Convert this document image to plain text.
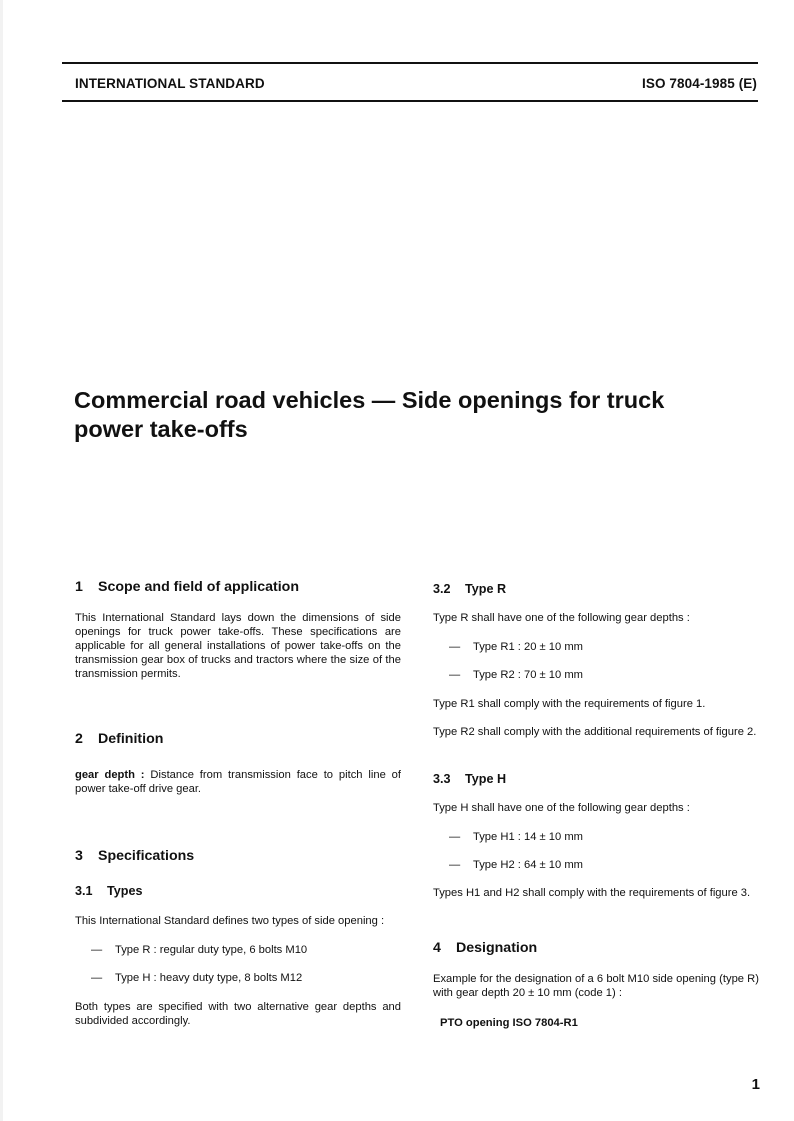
INTERNATIONAL STANDARD	ISO 7804-1985 (E)
Commercial road vehicles — Side openings for truck
power take-offs
1 Scope and field of application

This International Standard lays down the dimensions of side openings for truck power take-offs. These specifications are applicable for all general installations of power take-offs on the transmission gear box of trucks and tractors where the size of the transmission permits.

2 Definition

gear depth : Distance from transmission face to pitch line of power take-off drive gear.

3 Specifications
3.1 Types

This International Standard defines two types of side opening :

— Type R : regular duty type, 6 bolts M10

— Type H : heavy duty type, 8 bolts M12

Both types are specified with two alternative gear depths and subdivided accordingly.

3.2 Type R

Type R shall have one of the following gear depths :

— Type R1 : 20 ± 10 mm

— Type R2 : 70 ± 10 mm

Type R1 shall comply with the requirements of figure 1.

Type R2 shall comply with the additional requirements of figure 2.

3.3 Type H

Type H shall have one of the following gear depths :

— Type H1 : 14 ± 10 mm

— Type H2 : 64 ± 10 mm

Types H1 and H2 shall comply with the requirements of figure 3.

4 Designation

Example for the designation of a 6 bolt M10 side opening (type R) with gear depth 20 ± 10 mm (code 1) :

PTO opening ISO 7804-R1

1
